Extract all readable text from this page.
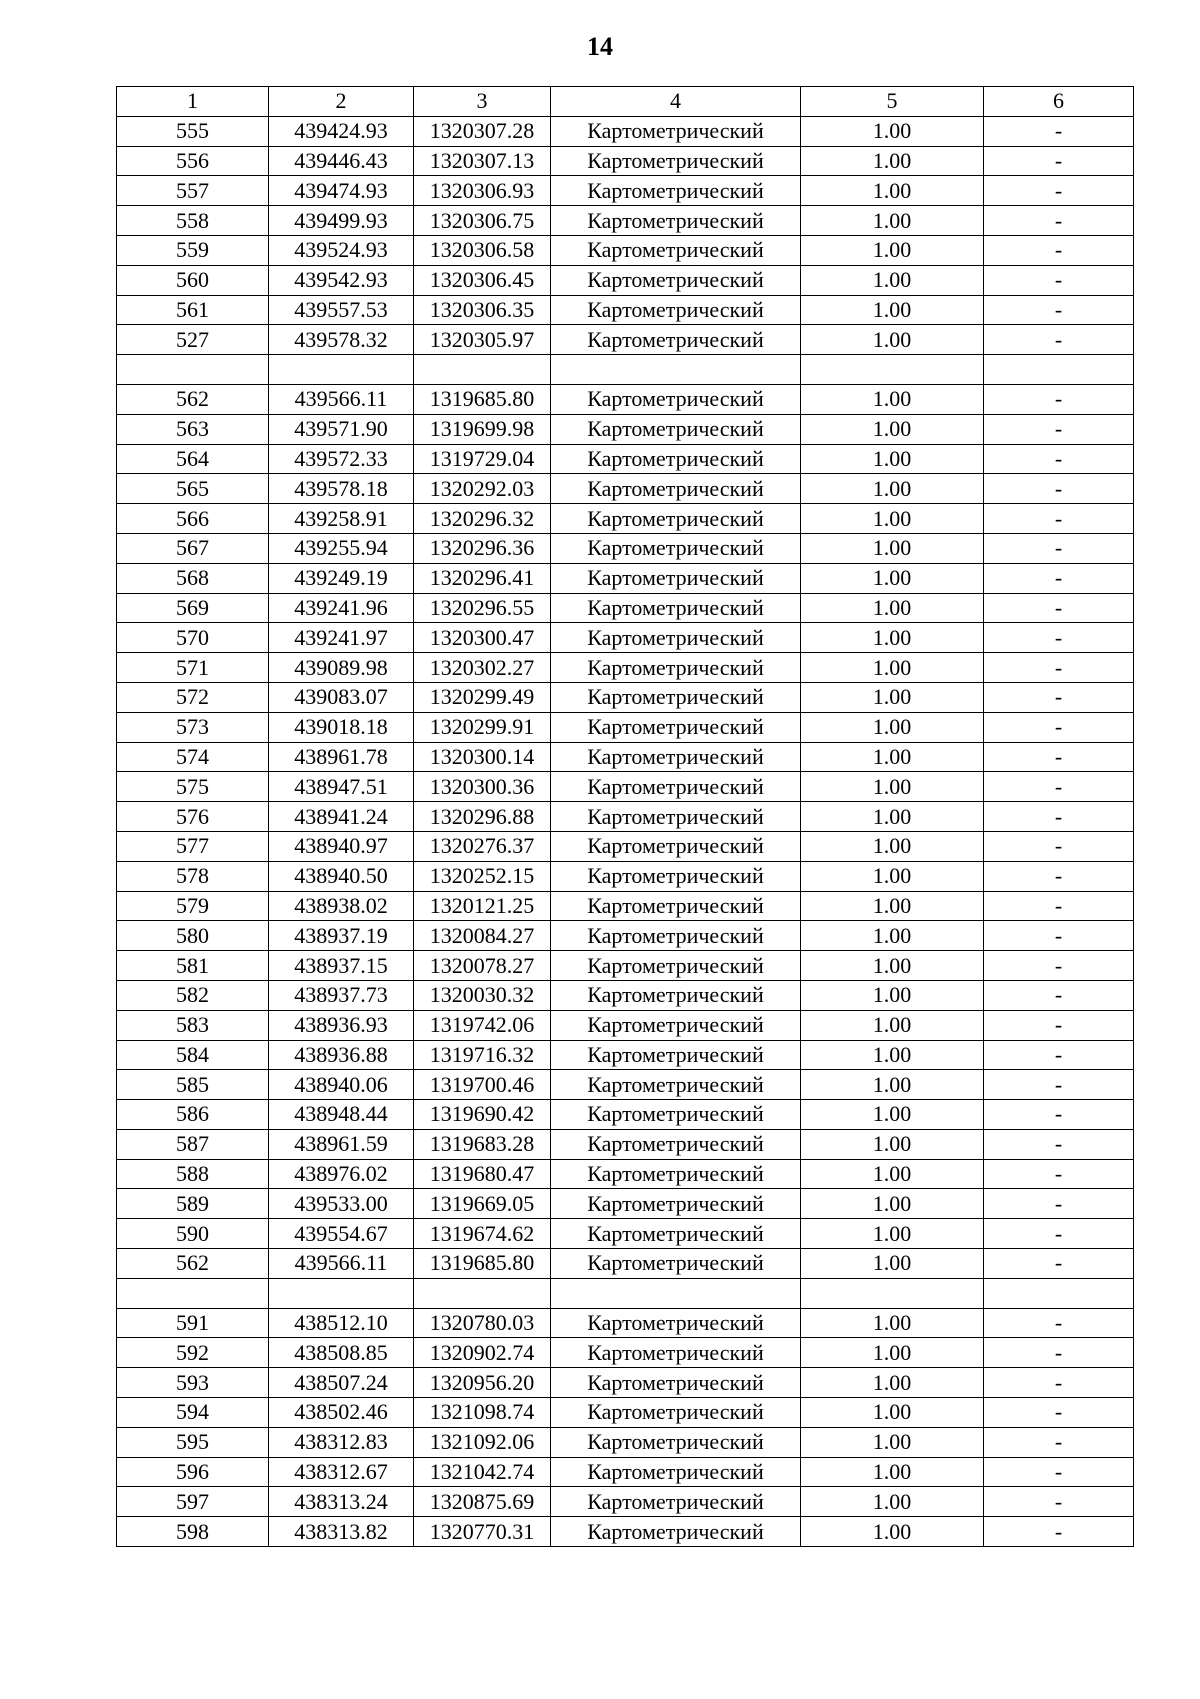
14
1	2	3	4	5	6
555	439424.93	1320307.28	Картометрический	1.00	-
556	439446.43	1320307.13	Картометрический	1.00	-
557	439474.93	1320306.93	Картометрический	1.00	-
558	439499.93	1320306.75	Картометрический	1.00	-
559	439524.93	1320306.58	Картометрический	1.00	-
560	439542.93	1320306.45	Картометрический	1.00	-
561	439557.53	1320306.35	Картометрический	1.00	-
527	439578.32	1320305.97	Картометрический	1.00	-

562	439566.11	1319685.80	Картометрический	1.00	-
563	439571.90	1319699.98	Картометрический	1.00	-
564	439572.33	1319729.04	Картометрический	1.00	-
565	439578.18	1320292.03	Картометрический	1.00	-
566	439258.91	1320296.32	Картометрический	1.00	-
567	439255.94	1320296.36	Картометрический	1.00	-
568	439249.19	1320296.41	Картометрический	1.00	-
569	439241.96	1320296.55	Картометрический	1.00	-
570	439241.97	1320300.47	Картометрический	1.00	-
571	439089.98	1320302.27	Картометрический	1.00	-
572	439083.07	1320299.49	Картометрический	1.00	-
573	439018.18	1320299.91	Картометрический	1.00	-
574	438961.78	1320300.14	Картометрический	1.00	-
575	438947.51	1320300.36	Картометрический	1.00	-
576	438941.24	1320296.88	Картометрический	1.00	-
577	438940.97	1320276.37	Картометрический	1.00	-
578	438940.50	1320252.15	Картометрический	1.00	-
579	438938.02	1320121.25	Картометрический	1.00	-
580	438937.19	1320084.27	Картометрический	1.00	-
581	438937.15	1320078.27	Картометрический	1.00	-
582	438937.73	1320030.32	Картометрический	1.00	-
583	438936.93	1319742.06	Картометрический	1.00	-
584	438936.88	1319716.32	Картометрический	1.00	-
585	438940.06	1319700.46	Картометрический	1.00	-
586	438948.44	1319690.42	Картометрический	1.00	-
587	438961.59	1319683.28	Картометрический	1.00	-
588	438976.02	1319680.47	Картометрический	1.00	-
589	439533.00	1319669.05	Картометрический	1.00	-
590	439554.67	1319674.62	Картометрический	1.00	-
562	439566.11	1319685.80	Картометрический	1.00	-

591	438512.10	1320780.03	Картометрический	1.00	-
592	438508.85	1320902.74	Картометрический	1.00	-
593	438507.24	1320956.20	Картометрический	1.00	-
594	438502.46	1321098.74	Картометрический	1.00	-
595	438312.83	1321092.06	Картометрический	1.00	-
596	438312.67	1321042.74	Картометрический	1.00	-
597	438313.24	1320875.69	Картометрический	1.00	-
598	438313.82	1320770.31	Картометрический	1.00	-
